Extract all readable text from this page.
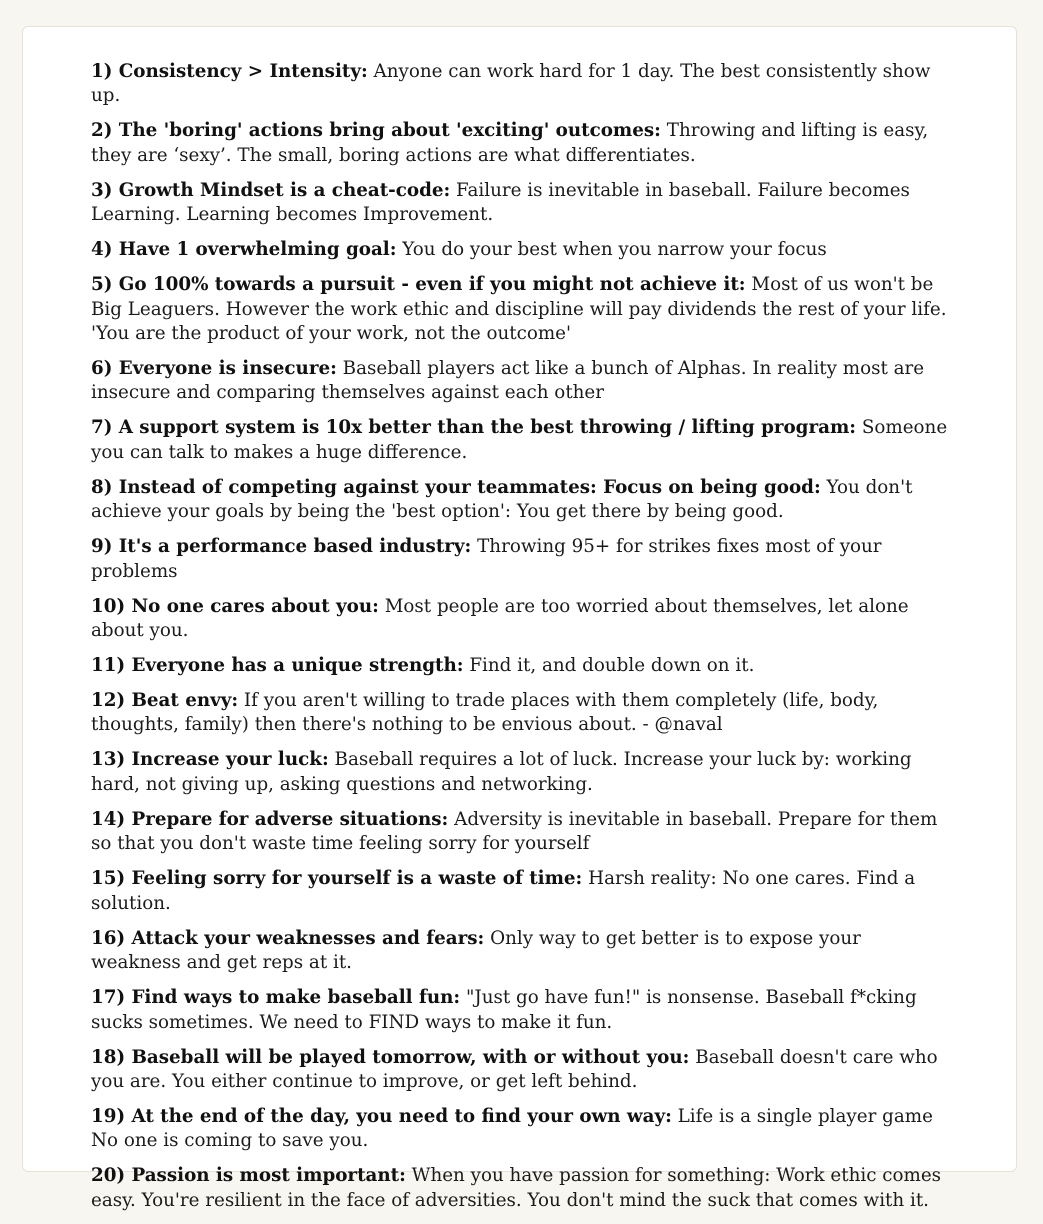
1) Consistency > Intensity: Anyone can work hard for 1 day. The best consistently show up.
2) The 'boring' actions bring about 'exciting' outcomes: Throwing and lifting is easy, they are ‘sexy’. The small, boring actions are what differentiates.
3) Growth Mindset is a cheat-code: Failure is inevitable in baseball. Failure becomes Learning. Learning becomes Improvement.
4) Have 1 overwhelming goal: You do your best when you narrow your focus
5) Go 100% towards a pursuit - even if you might not achieve it: Most of us won't be Big Leaguers. However the work ethic and discipline will pay dividends the rest of your life. 'You are the product of your work, not the outcome'
6) Everyone is insecure: Baseball players act like a bunch of Alphas. In reality most are insecure and comparing themselves against each other
7) A support system is 10x better than the best throwing / lifting program: Someone you can talk to makes a huge difference.
8) Instead of competing against your teammates: Focus on being good: You don't achieve your goals by being the 'best option': You get there by being good.
9) It's a performance based industry: Throwing 95+ for strikes fixes most of your problems
10) No one cares about you: Most people are too worried about themselves, let alone about you.
11) Everyone has a unique strength: Find it, and double down on it.
12) Beat envy: If you aren't willing to trade places with them completely (life, body, thoughts, family) then there's nothing to be envious about. - @naval
13) Increase your luck: Baseball requires a lot of luck. Increase your luck by: working hard, not giving up, asking questions and networking.
14) Prepare for adverse situations: Adversity is inevitable in baseball. Prepare for them so that you don't waste time feeling sorry for yourself
15) Feeling sorry for yourself is a waste of time: Harsh reality: No one cares. Find a solution.
16) Attack your weaknesses and fears: Only way to get better is to expose your weakness and get reps at it.
17) Find ways to make baseball fun: "Just go have fun!" is nonsense. Baseball f*cking sucks sometimes. We need to FIND ways to make it fun.
18) Baseball will be played tomorrow, with or without you: Baseball doesn't care who you are. You either continue to improve, or get left behind.
19) At the end of the day, you need to find your own way: Life is a single player game No one is coming to save you.
20) Passion is most important: When you have passion for something: Work ethic comes easy. You're resilient in the face of adversities. You don't mind the suck that comes with it.
